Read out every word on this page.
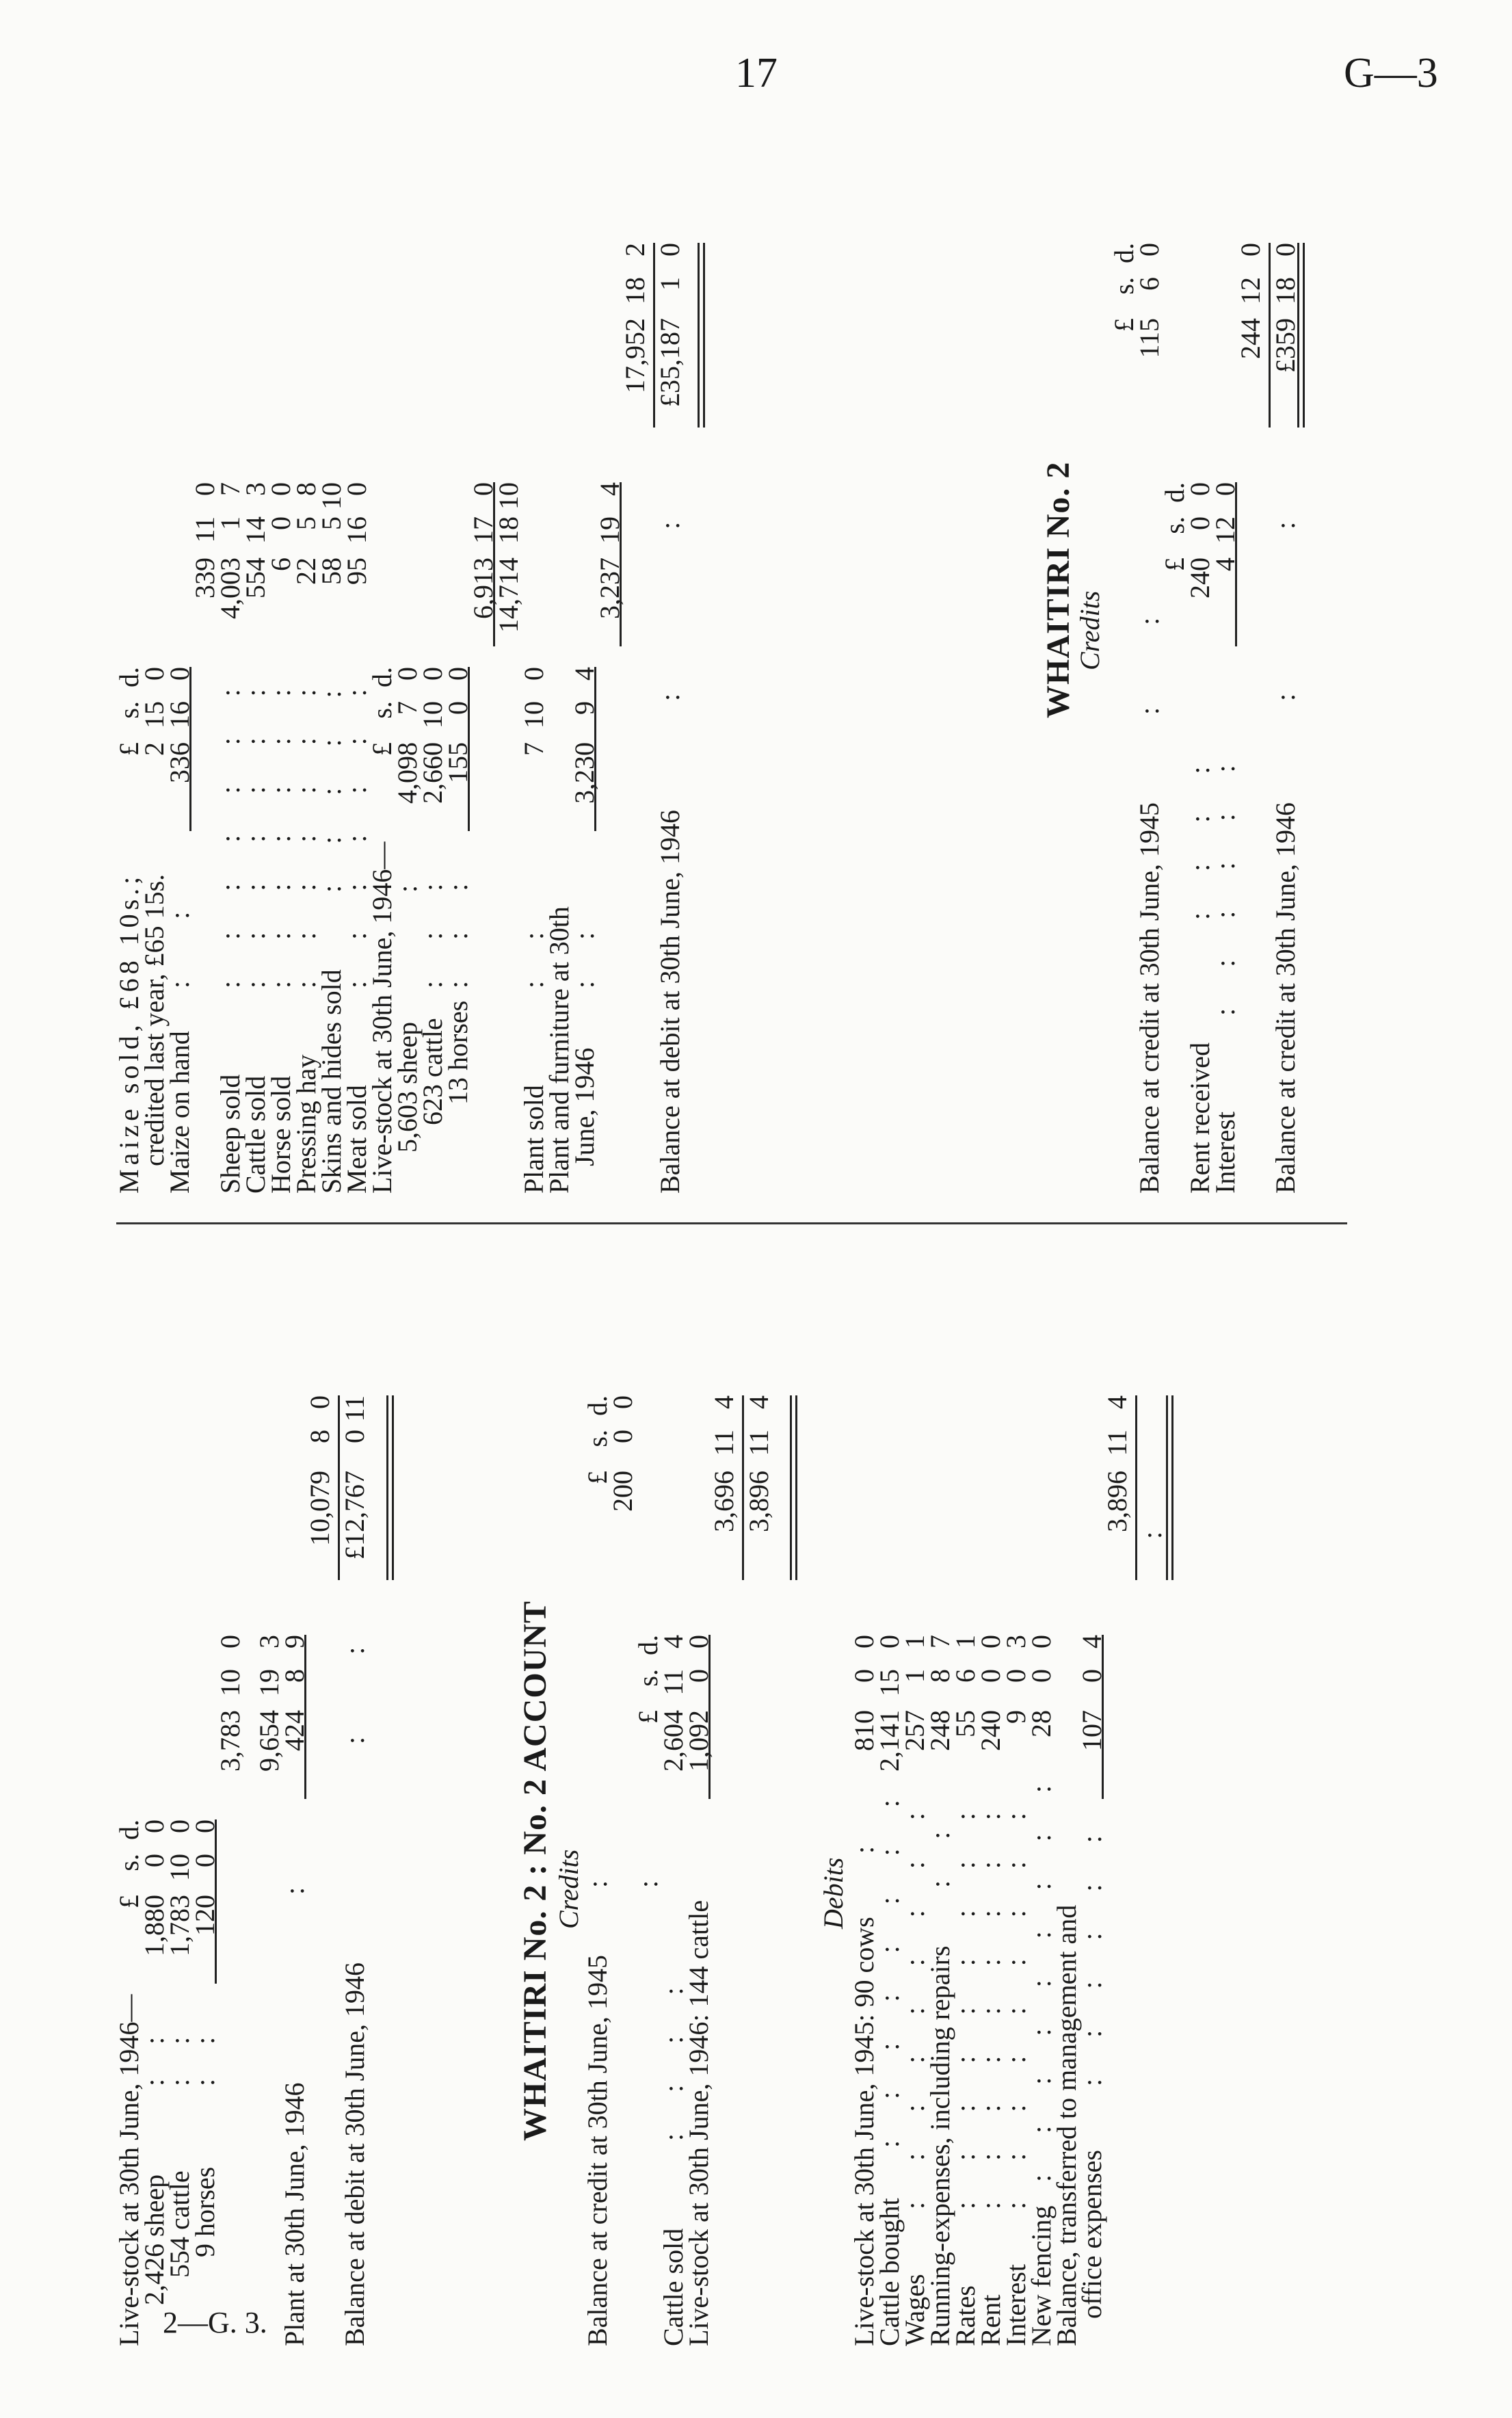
17	G—3
2—G. 3.
Live-stock at 30th June, 1946—
£
s.
d.
2,426 sheep
:     :
1,880
0
0
554 cattle
:     :
1,783
10
0
9 horses
:     :
120
0
0
3,783
10
0
9,654
19
3
Plant at 30th June, 1946
:
424
8
9
10,079
8
0
Balance at debit at 30th June, 1946
:            :
£12,767
0
11
WHAITIRI No. 2 : No. 2 ACCOUNT Credits
Balance at credit at 30th June, 1945
:
£
s.
d.
200
0
0
:
£
s.
d.
Cattle sold
:      :      :      :
2,604
11
4
Live-stock at 30th June, 1946: 144 cattle
1,092
0
0
3,696
11
4
3,896
11
4
Debits
Live-stock at 30th June, 1945: 90 cows
:
810
0
0
Cattle bought
:      :      :      :      :      :      :      :
2,141
15
0
Wages
:      :      :      :      :      :      :      :      :
257
1
1
Running-expenses, including repairs
:      :
248
8
7
Rates
:      :      :      :      :      :      :      :      :
55
6
1
Rent
:      :      :      :      :      :      :      :      :
240
0
0
Interest
:      :      :      :      :      :      :      :      :
9
0
3
New fencing
:      :      :      :      :      :      :      :      :
28
0
0
Balance, transferred to management and
office expenses
:      :      :      :      :      :
107
0
4
3,896
11
4
:
Maize sold, £68 10s.;
£
s.
d.
credited last year, £65 15s.
2
15
0
Maize on hand
:         :
336
16
0
339
11
0
Sheep sold
:      :      :      :      :      :      :
4,003
1
7
Cattle sold
:      :      :      :      :      :      :
554
14
3
Horse sold
:      :      :      :      :      :      :
6
0
0
Pressing hay
:      :      :      :      :      :      :
22
5
8
Skins and hides sold
:      :      :      :      :
58
5
10
Meat sold
:      :      :      :      :      :      :
95
16
0
Live-stock at 30th June, 1946—
£
s.
d.
5,603 sheep
:
4,098
7
0
623 cattle
:      :      :
2,660
10
0
13 horses
:      :      :
155
0
0
6,913
17
0
14,714
18
10
Plant sold
:      :
7
10
0
Plant and furniture at 30th
June, 1946
:      :
3,230
9
4
3,237
19
4
17,952
18
2
Balance at debit at 30th June, 1946
:                        :
£35,187
1
0
WHAITIRI No. 2
Credits
£
s.
d.
Balance at credit at 30th June, 1945
:            :
115
6
0
£
s.
d.
Rent received
:      :      :      :
240
0
0
Interest
:      :      :      :      :      :
4
12
0
244
12
0
Balance at credit at 30th June, 1946
:                        :
£359
18
0
